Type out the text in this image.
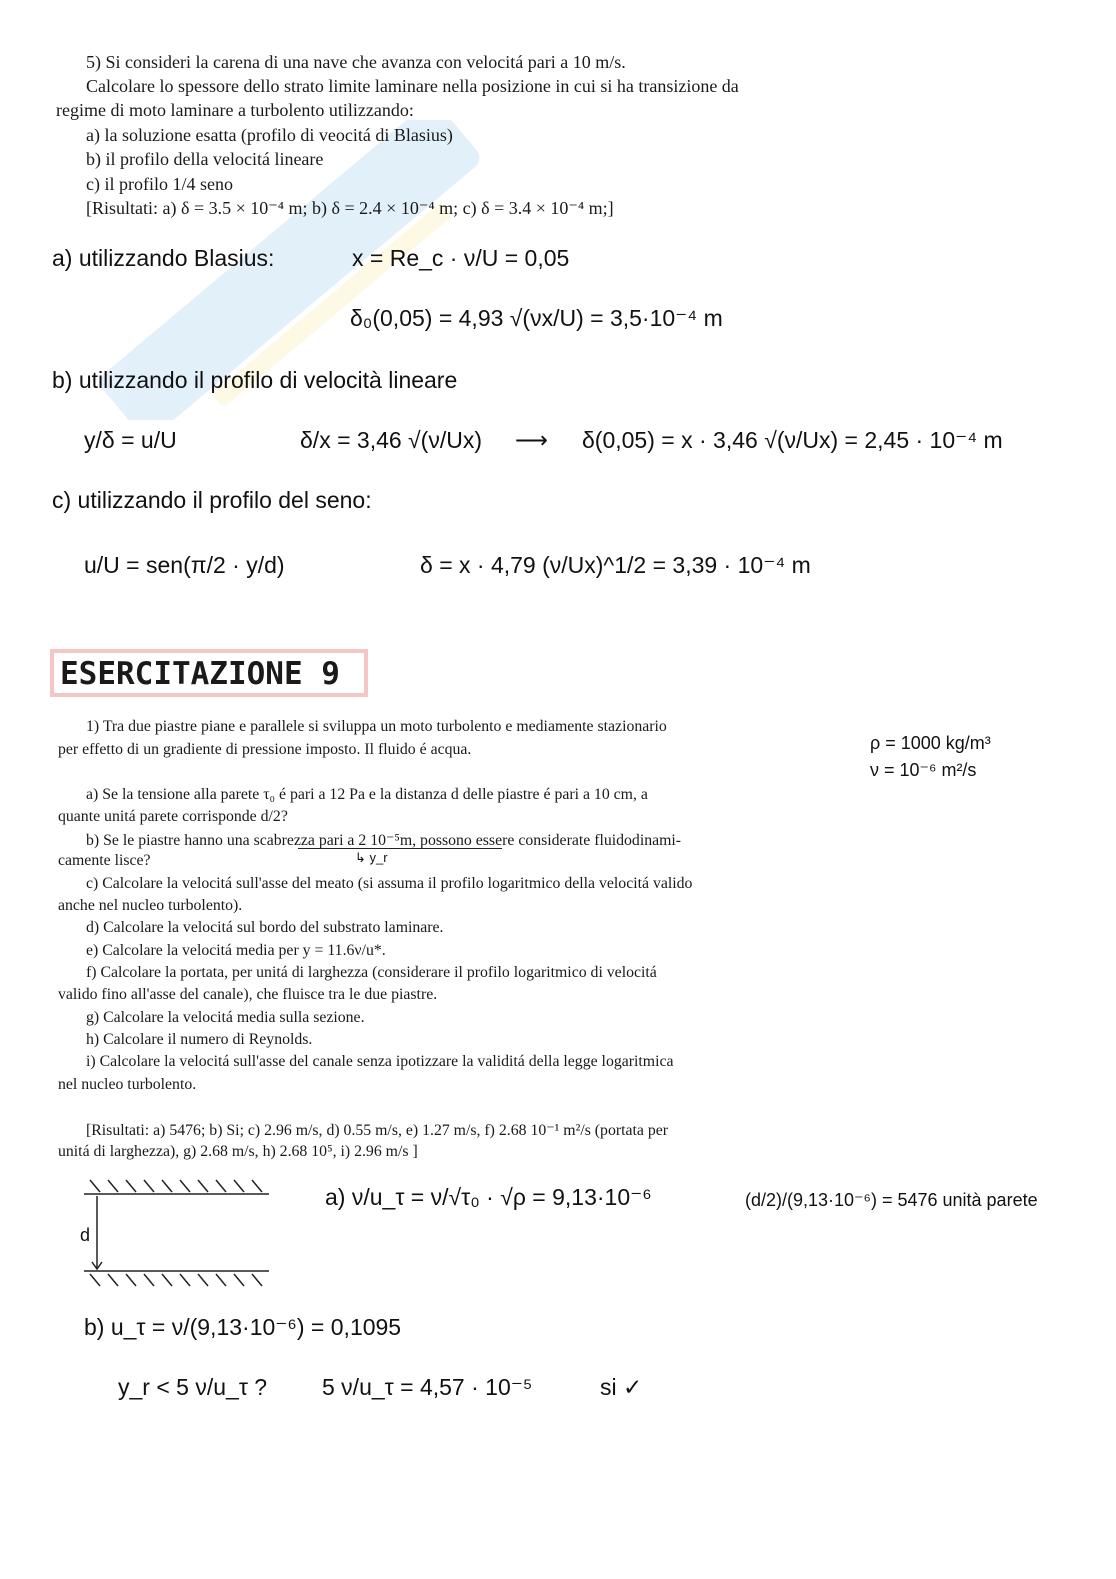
5) Si consideri la carena di una nave che avanza con velocitá pari a 10 m/s.
Calcolare lo spessore dello strato limite laminare nella posizione in cui si ha transizione da
regime di moto laminare a turbolento utilizzando:
a) la soluzione esatta (profilo di veocitá di Blasius)
b) il profilo della velocitá lineare
c) il profilo 1/4 seno
[Risultati: a) δ = 3.5 × 10⁻⁴ m; b) δ = 2.4 × 10⁻⁴ m; c) δ = 3.4 × 10⁻⁴ m;]
a) utilizzando Blasius:	x = Re_c · ν/U = 0,05
δ₀(0,05) = 4,93 √(νx/U) = 3,5·10⁻⁴ m
b) utilizzando il profilo di velocità lineare
y/δ = u/U	δ/x = 3,46 √(ν/Ux) ⟶ δ(0,05) = x · 3,46 √(ν/Ux) = 2,45 · 10⁻⁴ m
c) utilizzando il profilo del seno:
u/U = sen(π/2 · y/d)	δ = x · 4,79 (ν/Ux)^1/2 = 3,39 · 10⁻⁴ m
ESERCITAZIONE 9
1) Tra due piastre piane e parallele si sviluppa un moto turbolento e mediamente stazionario
per effetto di un gradiente di pressione imposto. Il fluido é acqua.
a) Se la tensione alla parete τ₀ é pari a 12 Pa e la distanza d delle piastre é pari a 10 cm, a
quante unitá parete corrisponde d/2?
b) Se le piastre hanno una scabrezza pari a 2 10⁻⁵m, possono essere considerate fluidodinami-
camente lisce?
c) Calcolare la velocitá sull'asse del meato (si assuma il profilo logaritmico della velocitá valido
anche nel nucleo turbolento).
d) Calcolare la velocitá sul bordo del substrato laminare.
e) Calcolare la velocitá media per y = 11.6ν/u*.
f) Calcolare la portata, per unitá di larghezza (considerare il profilo logaritmico di velocitá
valido fino all'asse del canale), che fluisce tra le due piastre.
g) Calcolare la velocitá media sulla sezione.
h) Calcolare il numero di Reynolds.
i) Calcolare la velocitá sull'asse del canale senza ipotizzare la validitá della legge logaritmica
nel nucleo turbolento.
[Risultati: a) 5476; b) Si; c) 2.96 m/s, d) 0.55 m/s, e) 1.27 m/s, f) 2.68 10⁻¹ m²/s (portata per
unitá di larghezza), g) 2.68 m/s, h) 2.68 10⁵, i) 2.96 m/s ]
↳ y_r
ρ = 1000 kg/m³
ν = 10⁻⁶ m²/s
d
a) ν/u_τ = ν/√τ₀ · √ρ = 9,13·10⁻⁶	(d/2)/(9,13·10⁻⁶) = 5476 unità parete
b) u_τ = ν/(9,13·10⁻⁶) = 0,1095
y_r < 5 ν/u_τ ? 5 ν/u_τ = 4,57 · 10⁻⁵	si ✓
